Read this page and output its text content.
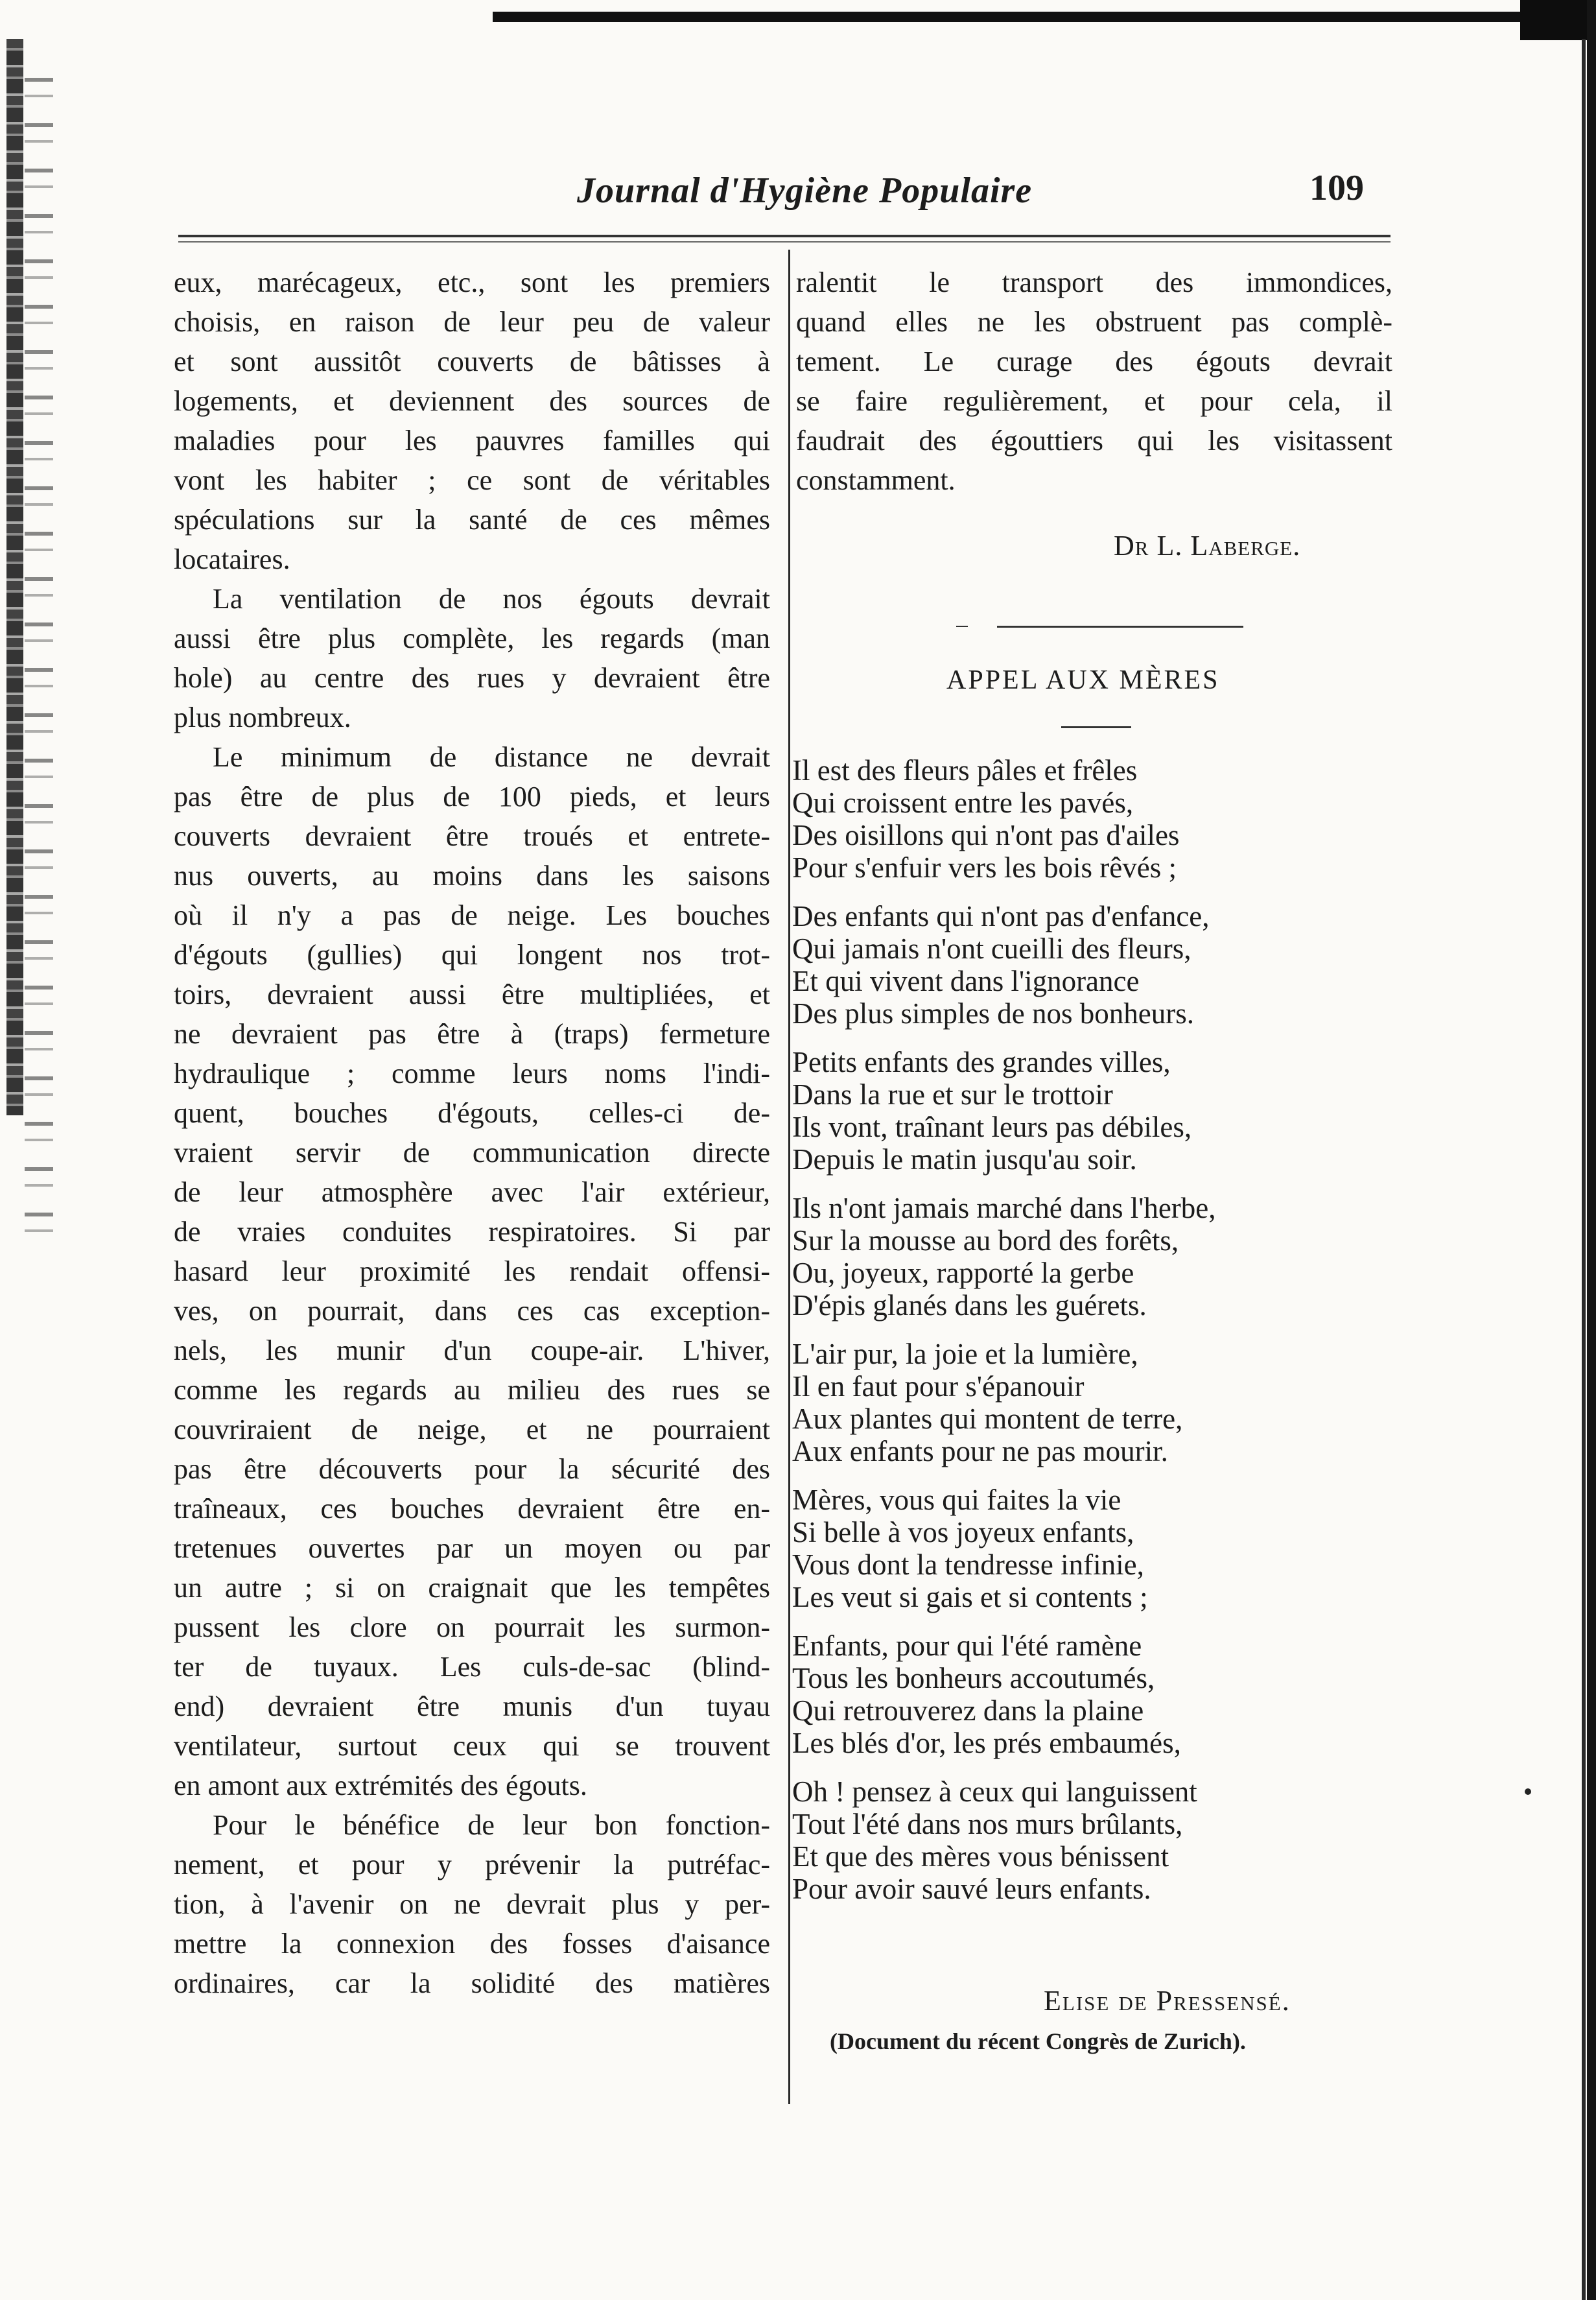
Journal d'Hygiène Populaire	109
eux, marécageux, etc., sont les premiers
choisis, en raison de leur peu de valeur
et sont aussitôt couverts de bâtisses à
logements, et deviennent des sources de
maladies pour les pauvres familles qui
vont les habiter ; ce sont de véritables
spéculations sur la santé de ces mêmes
locataires.
La ventilation de nos égouts devrait
aussi être plus complète, les regards (man
hole) au centre des rues y devraient être
plus nombreux.
Le minimum de distance ne devrait
pas être de plus de 100 pieds, et leurs
couverts devraient être troués et entrete-
nus ouverts, au moins dans les saisons
où il n'y a pas de neige. Les bouches
d'égouts (gullies) qui longent nos trot-
toirs, devraient aussi être multipliées, et
ne devraient pas être à (traps) fermeture
hydraulique ; comme leurs noms l'indi-
quent, bouches d'égouts, celles-ci de-
vraient servir de communication directe
de leur atmosphère avec l'air extérieur,
de vraies conduites respiratoires. Si par
hasard leur proximité les rendait offensi-
ves, on pourrait, dans ces cas exception-
nels, les munir d'un coupe-air. L'hiver,
comme les regards au milieu des rues se
couvriraient de neige, et ne pourraient
pas être découverts pour la sécurité des
traîneaux, ces bouches devraient être en-
tretenues ouvertes par un moyen ou par
un autre ; si on craignait que les tempêtes
pussent les clore on pourrait les surmon-
ter de tuyaux. Les culs-de-sac (blind-
end) devraient être munis d'un tuyau
ventilateur, surtout ceux qui se trouvent
en amont aux extrémités des égouts.
Pour le bénéfice de leur bon fonction-
nement, et pour y prévenir la putréfac-
tion, à l'avenir on ne devrait plus y per-
mettre la connexion des fosses d'aisance
ordinaires, car la solidité des matières
ralentit le transport des immondices,
quand elles ne les obstruent pas complè-
tement. Le curage des égouts devrait
se faire regulièrement, et pour cela, il
faudrait des égouttiers qui les visitassent
constamment.
Dr L. Laberge.
APPEL AUX MÈRES
Il est des fleurs pâles et frêles
Qui croissent entre les pavés,
Des oisillons qui n'ont pas d'ailes
Pour s'enfuir vers les bois rêvés ;
Des enfants qui n'ont pas d'enfance,
Qui jamais n'ont cueilli des fleurs,
Et qui vivent dans l'ignorance
Des plus simples de nos bonheurs.
Petits enfants des grandes villes,
Dans la rue et sur le trottoir
Ils vont, traînant leurs pas débiles,
Depuis le matin jusqu'au soir.
Ils n'ont jamais marché dans l'herbe,
Sur la mousse au bord des forêts,
Ou, joyeux, rapporté la gerbe
D'épis glanés dans les guérets.
L'air pur, la joie et la lumière,
Il en faut pour s'épanouir
Aux plantes qui montent de terre,
Aux enfants pour ne pas mourir.
Mères, vous qui faites la vie
Si belle à vos joyeux enfants,
Vous dont la tendresse infinie,
Les veut si gais et si contents ;
Enfants, pour qui l'été ramène
Tous les bonheurs accoutumés,
Qui retrouverez dans la plaine
Les blés d'or, les prés embaumés,
Oh ! pensez à ceux qui languissent
Tout l'été dans nos murs brûlants,
Et que des mères vous bénissent
Pour avoir sauvé leurs enfants.
Elise de Pressensé.
(Document du récent Congrès de Zurich).
